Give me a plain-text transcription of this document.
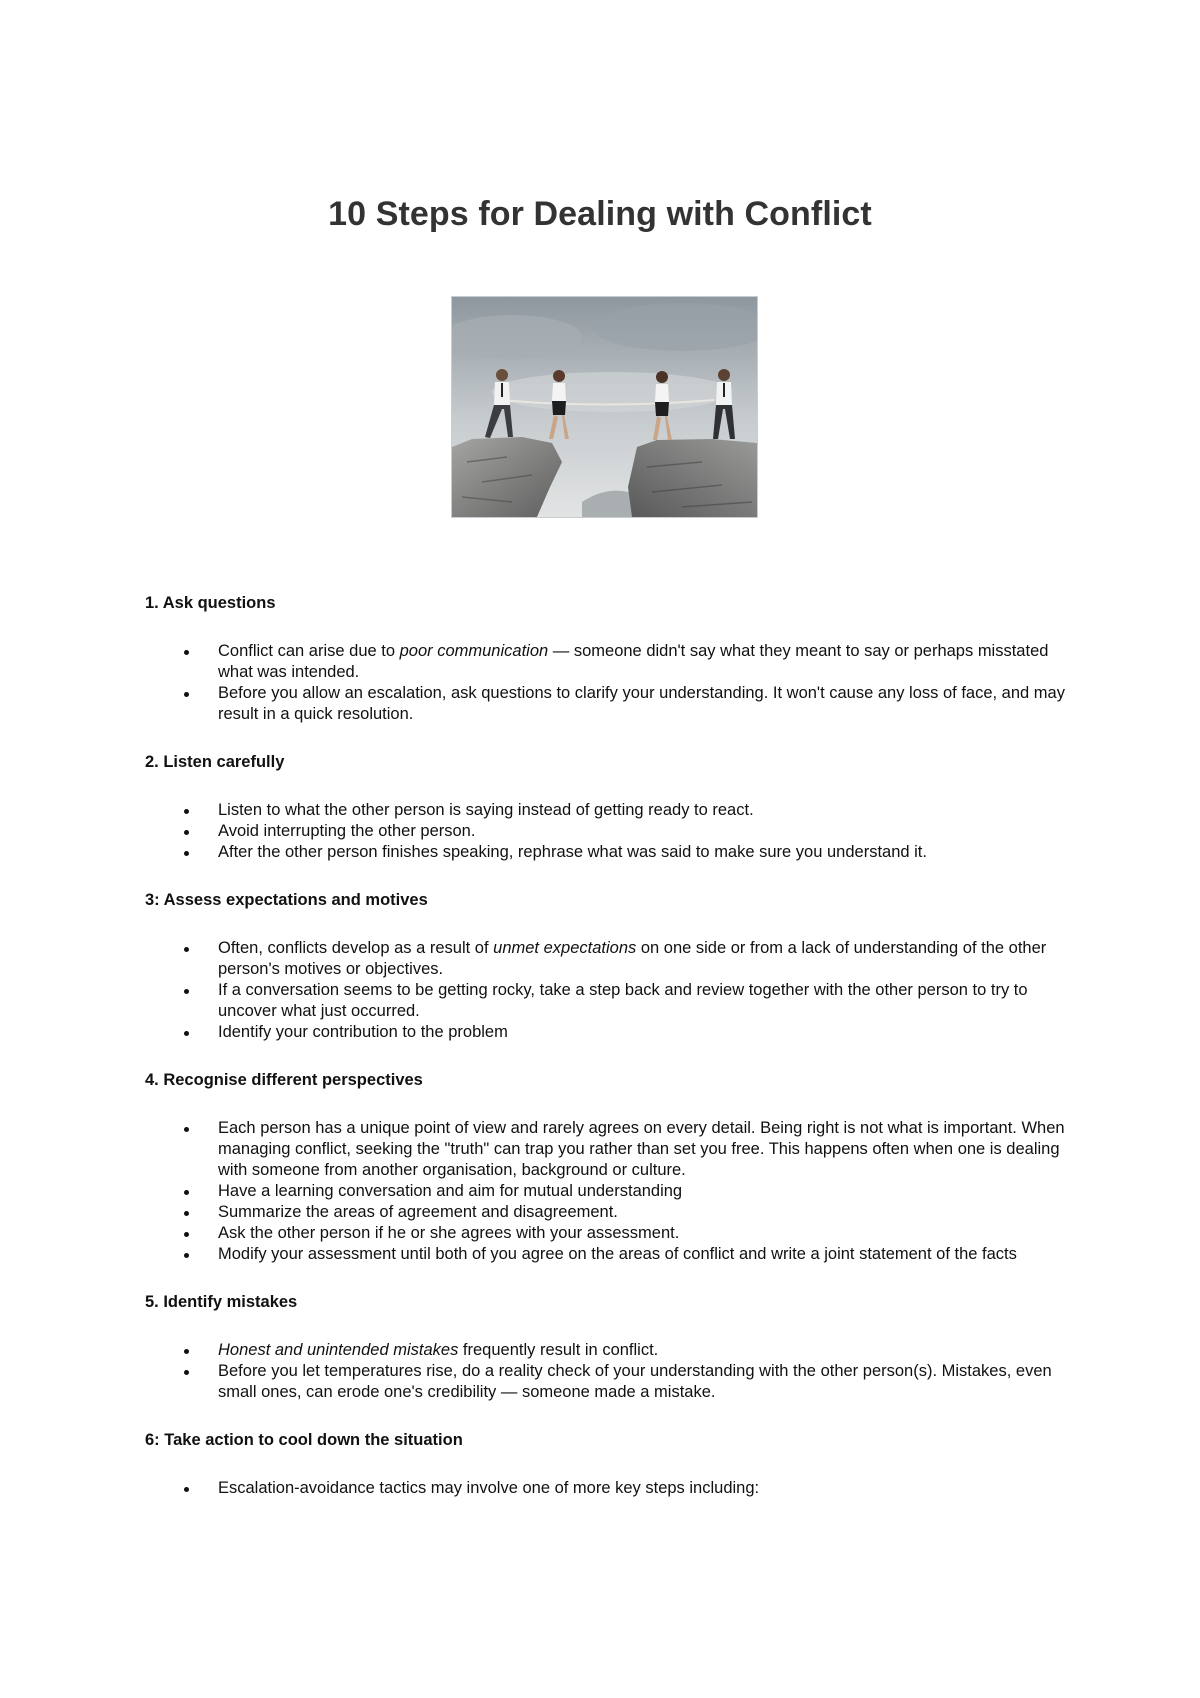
10 Steps for Dealing with Conflict
1. Ask questions
Conflict can arise due to poor communication — someone didn't say what they meant to say or perhaps misstated what was intended.
Before you allow an escalation, ask questions to clarify your understanding. It won't cause any loss of face, and may result in a quick resolution.
2. Listen carefully
Listen to what the other person is saying instead of getting ready to react.
Avoid interrupting the other person.
After the other person finishes speaking, rephrase what was said to make sure you understand it.
3: Assess expectations and motives
Often, conflicts develop as a result of unmet expectations on one side or from a lack of understanding of the other person's motives or objectives.
If a conversation seems to be getting rocky, take a step back and review together with the other person to try to uncover what just occurred.
Identify your contribution to the problem
4. Recognise different perspectives
Each person has a unique point of view and rarely agrees on every detail. Being right is not what is important. When managing conflict, seeking the "truth" can trap you rather than set you free. This happens often when one is dealing with someone from another organisation, background or culture.
Have a learning conversation and aim for mutual understanding
Summarize the areas of agreement and disagreement.
Ask the other person if he or she agrees with your assessment.
Modify your assessment until both of you agree on the areas of conflict and write a joint statement of the facts
5. Identify mistakes
Honest and unintended mistakes frequently result in conflict.
Before you let temperatures rise, do a reality check of your understanding with the other person(s). Mistakes, even small ones, can erode one's credibility — someone made a mistake.
6: Take action to cool down the situation
Escalation-avoidance tactics may involve one of more key steps including:
